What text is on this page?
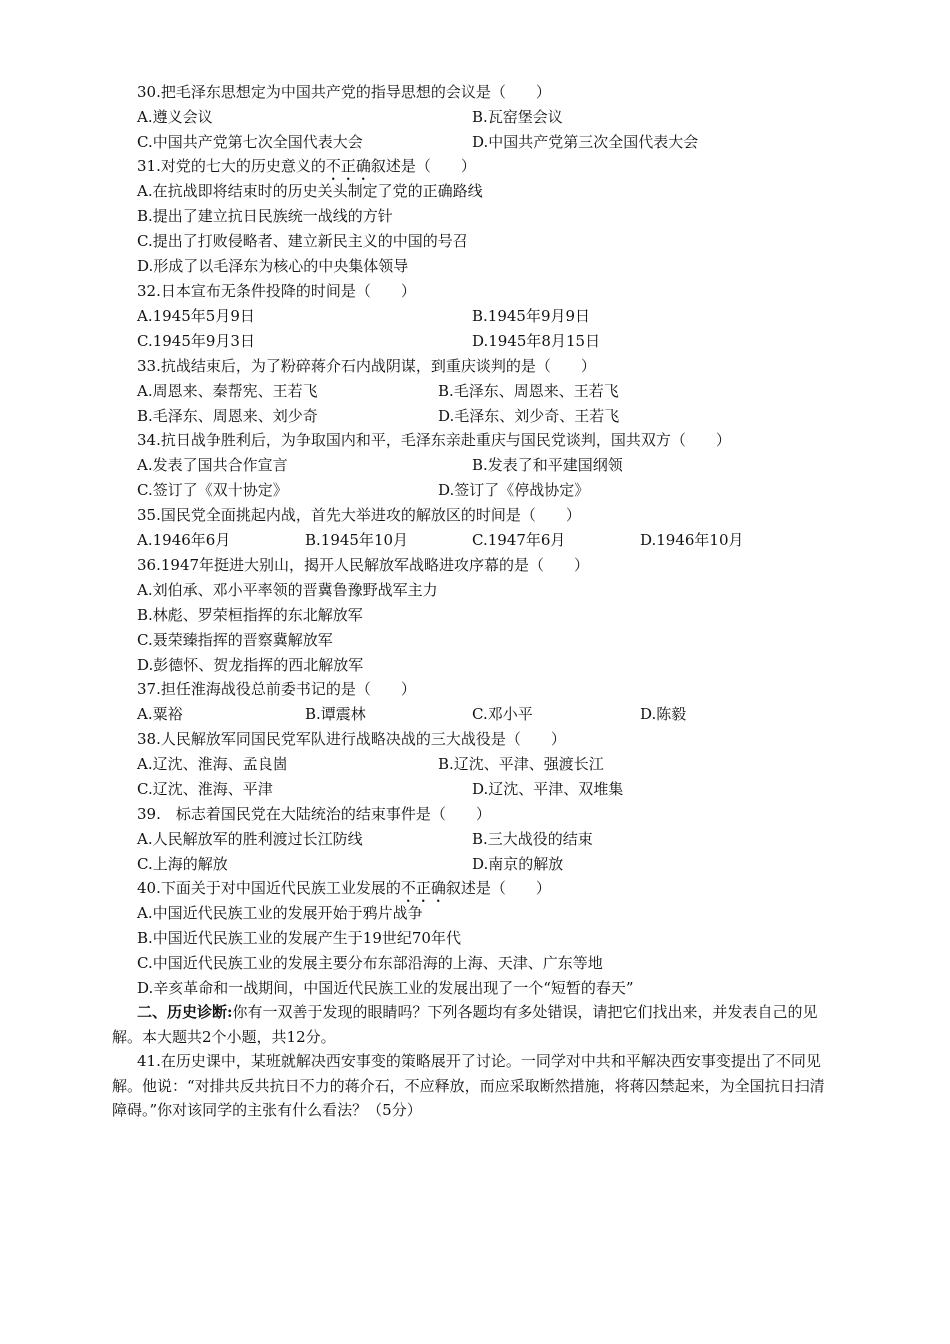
30.把毛泽东思想定为中国共产党的指导思想的会议是（　　）
A.遵义会议	B.瓦窑堡会议
C.中国共产党第七次全国代表大会	D.中国共产党第三次全国代表大会
31.对党的七大的历史意义的不正确叙述是（　　）
A.在抗战即将结束时的历史关头制定了党的正确路线
B.提出了建立抗日民族统一战线的方针
C.提出了打败侵略者、建立新民主义的中国的号召
D.形成了以毛泽东为核心的中央集体领导
32.日本宣布无条件投降的时间是（　　）
A.1945年5月9日	B.1945年9月9日
C.1945年9月3日	D.1945年8月15日
33.抗战结束后，为了粉碎蒋介石内战阴谋，到重庆谈判的是（　　）
A.周恩来、秦帮宪、王若飞	B.毛泽东、周恩来、王若飞
B.毛泽东、周恩来、刘少奇	D.毛泽东、刘少奇、王若飞
34.抗日战争胜利后，为争取国内和平，毛泽东亲赴重庆与国民党谈判，国共双方（　　）
A.发表了国共合作宣言	B.发表了和平建国纲领
C.签订了《双十协定》	D.签订了《停战协定》
35.国民党全面挑起内战，首先大举进攻的解放区的时间是（　　）
A.1946年6月	B.1945年10月	C.1947年6月	D.1946年10月
36.1947年挺进大别山，揭开人民解放军战略进攻序幕的是（　　）
A.刘伯承、邓小平率领的晋冀鲁豫野战军主力
B.林彪、罗荣桓指挥的东北解放军
C.聂荣臻指挥的晋察冀解放军
D.彭德怀、贺龙指挥的西北解放军
37.担任淮海战役总前委书记的是（　　）
A.粟裕	B.谭震林	C.邓小平	D.陈毅
38.人民解放军同国民党军队进行战略决战的三大战役是（　　）
A.辽沈、淮海、孟良崮	B.辽沈、平津、强渡长江
C.辽沈、淮海、平津	D.辽沈、平津、双堆集
39.　标志着国民党在大陆统治的结束事件是（　　）
A.人民解放军的胜利渡过长江防线	B.三大战役的结束
C.上海的解放	D.南京的解放
40.下面关于对中国近代民族工业发展的不正确叙述是（　　）
A.中国近代民族工业的发展开始于鸦片战争
B.中国近代民族工业的发展产生于19世纪70年代
C.中国近代民族工业的发展主要分布东部沿海的上海、天津、广东等地
D.辛亥革命和一战期间，中国近代民族工业的发展出现了一个“短暂的春天”
二、历史诊断:你有一双善于发现的眼睛吗？下列各题均有多处错误，请把它们找出来，并发表自己的见解。本大题共2个小题，共12分。
41.在历史课中，某班就解决西安事变的策略展开了讨论。一同学对中共和平解决西安事变提出了不同见解。他说：“对排共反共抗日不力的蒋介石，不应释放，而应采取断然措施，将蒋囚禁起来，为全国抗日扫清障碍。”你对该同学的主张有什么看法？（5分）
